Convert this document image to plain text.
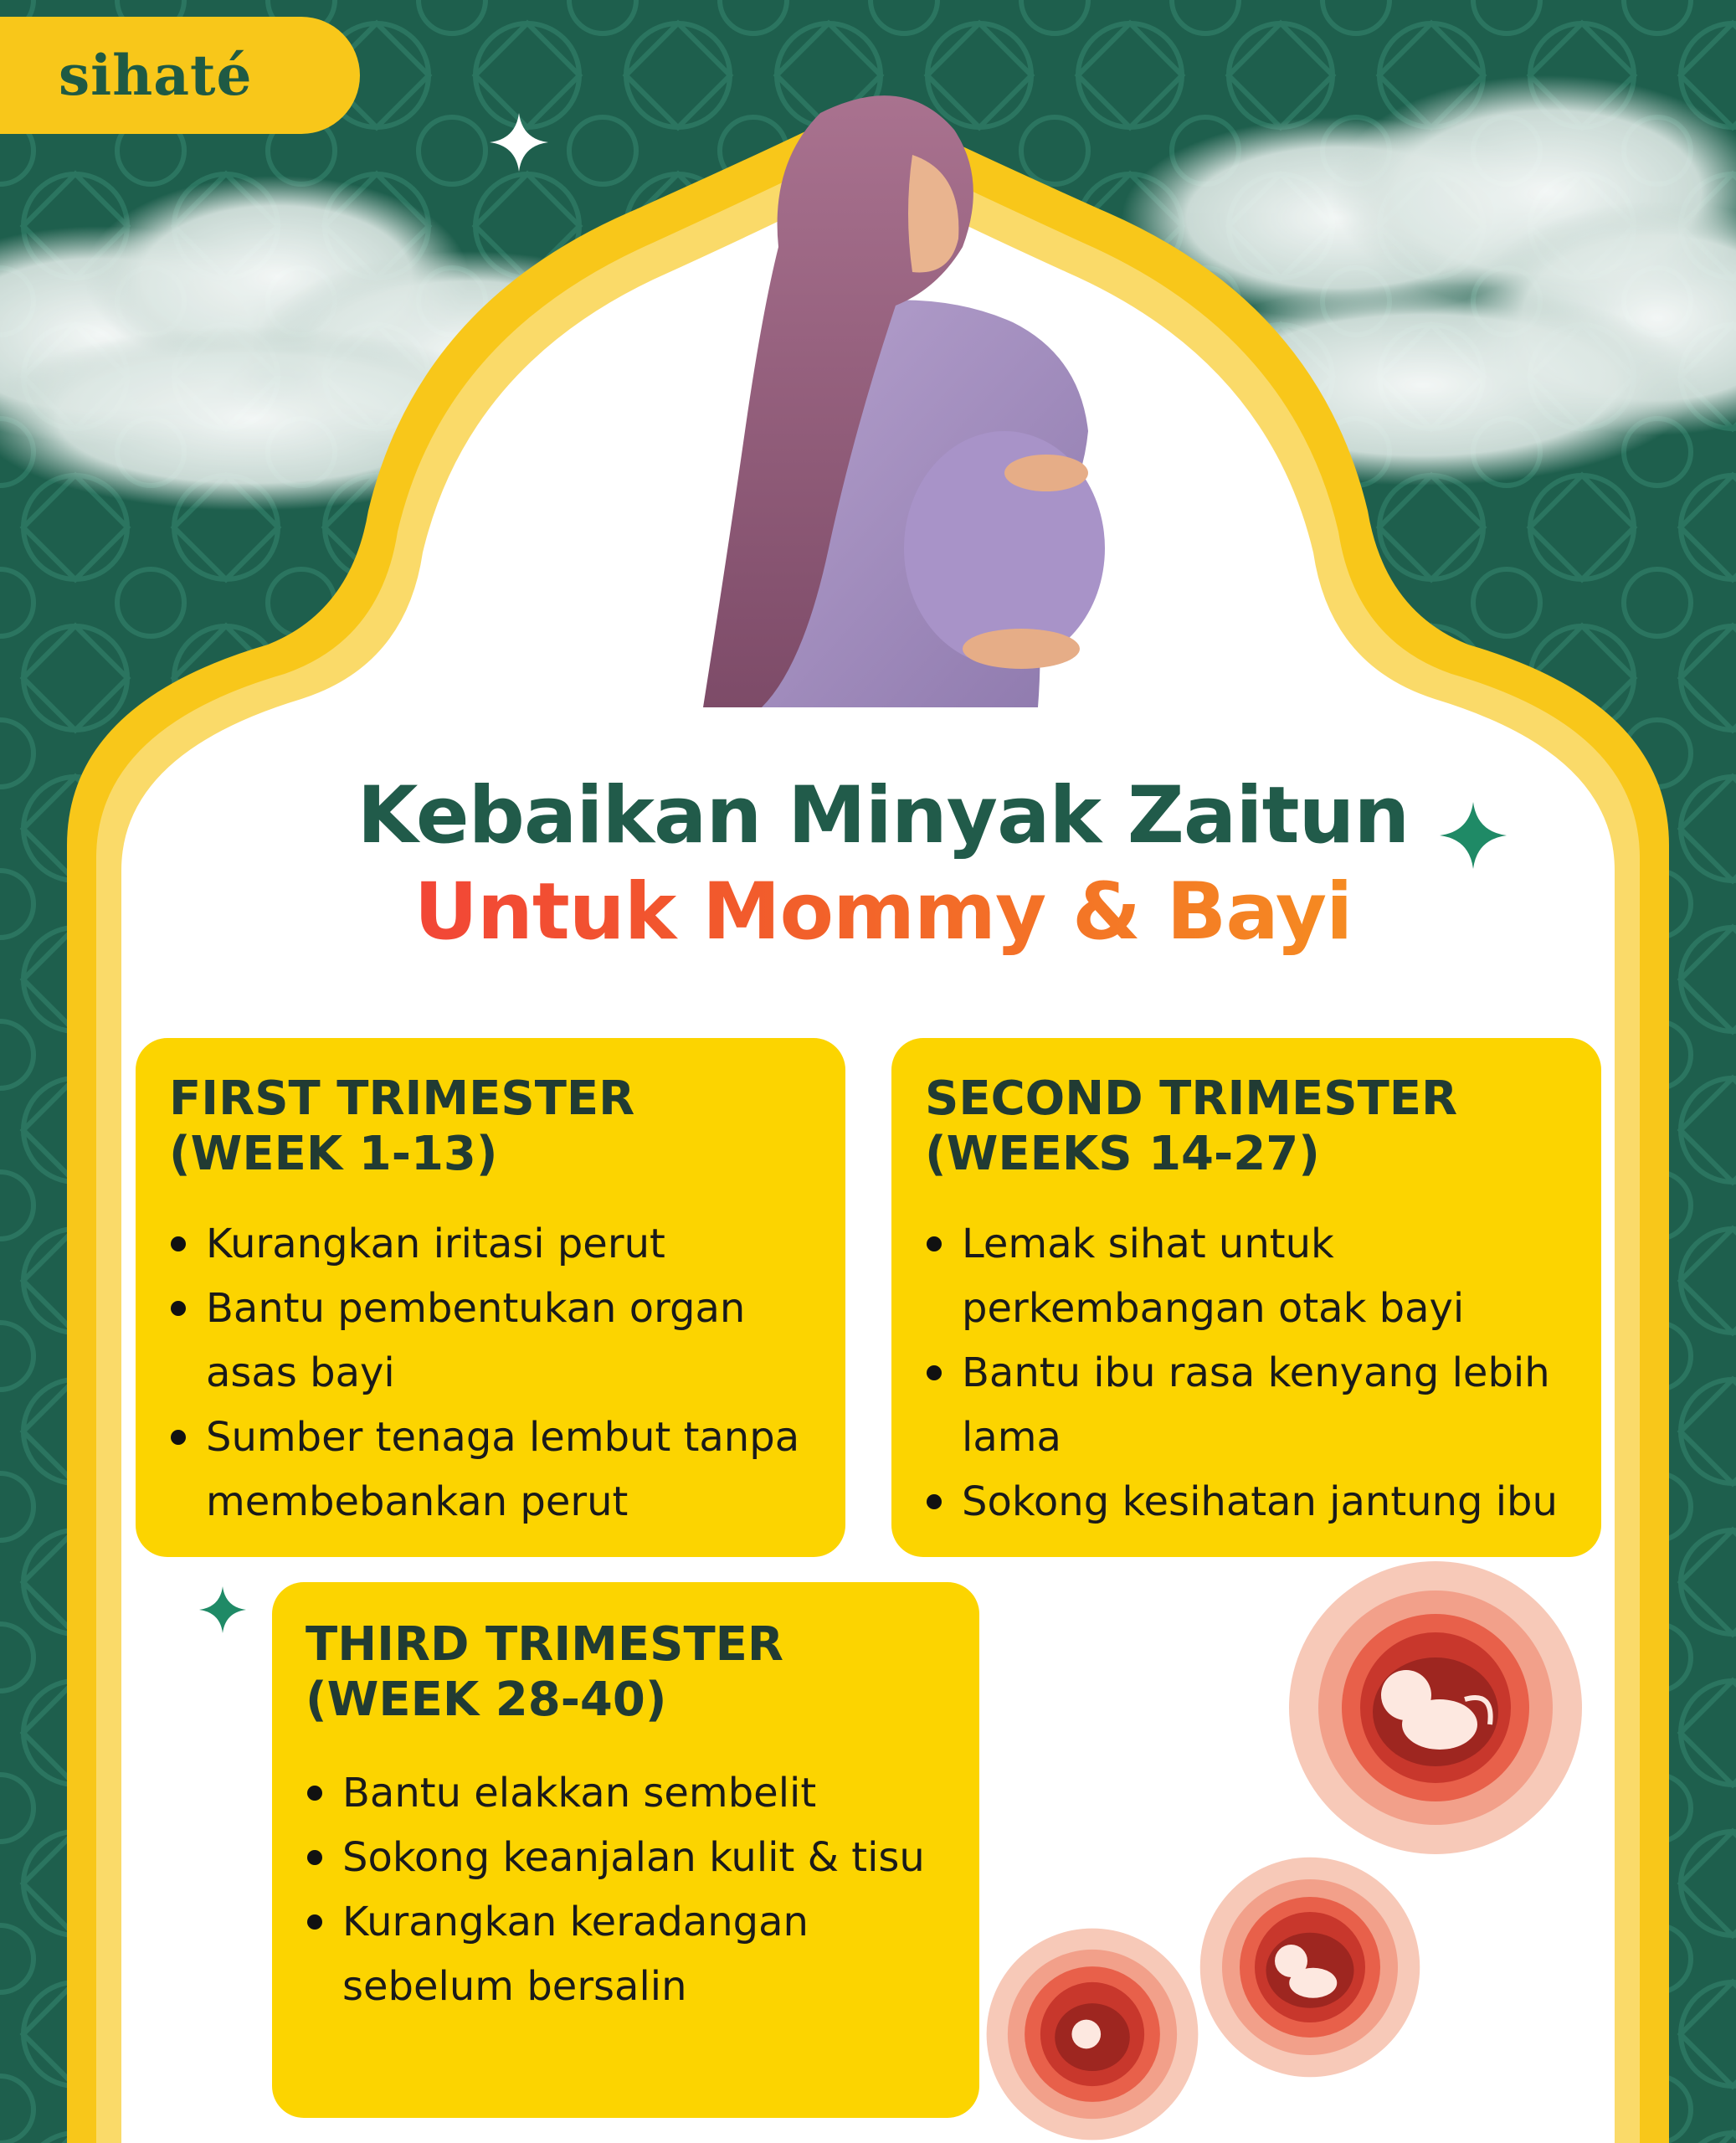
sihaté
Kebaikan Minyak Zaitun
Untuk Mommy & Bayi

FIRST TRIMESTER

(WEEK 1-13)

Kurangkan iritasi perut
Bantu pembentukan organ asas bayi
Sumber tenaga lembut tanpa membebankan perut

SECOND TRIMESTER

(WEEKS 14-27)

Lemak sihat untuk perkembangan otak bayi
Bantu ibu rasa kenyang lebih lama
Sokong kesihatan jantung ibu

THIRD TRIMESTER

(WEEK 28-40)

Bantu elakkan sembelit
Sokong keanjalan kulit & tisu
Kurangkan keradangan sebelum bersalin
